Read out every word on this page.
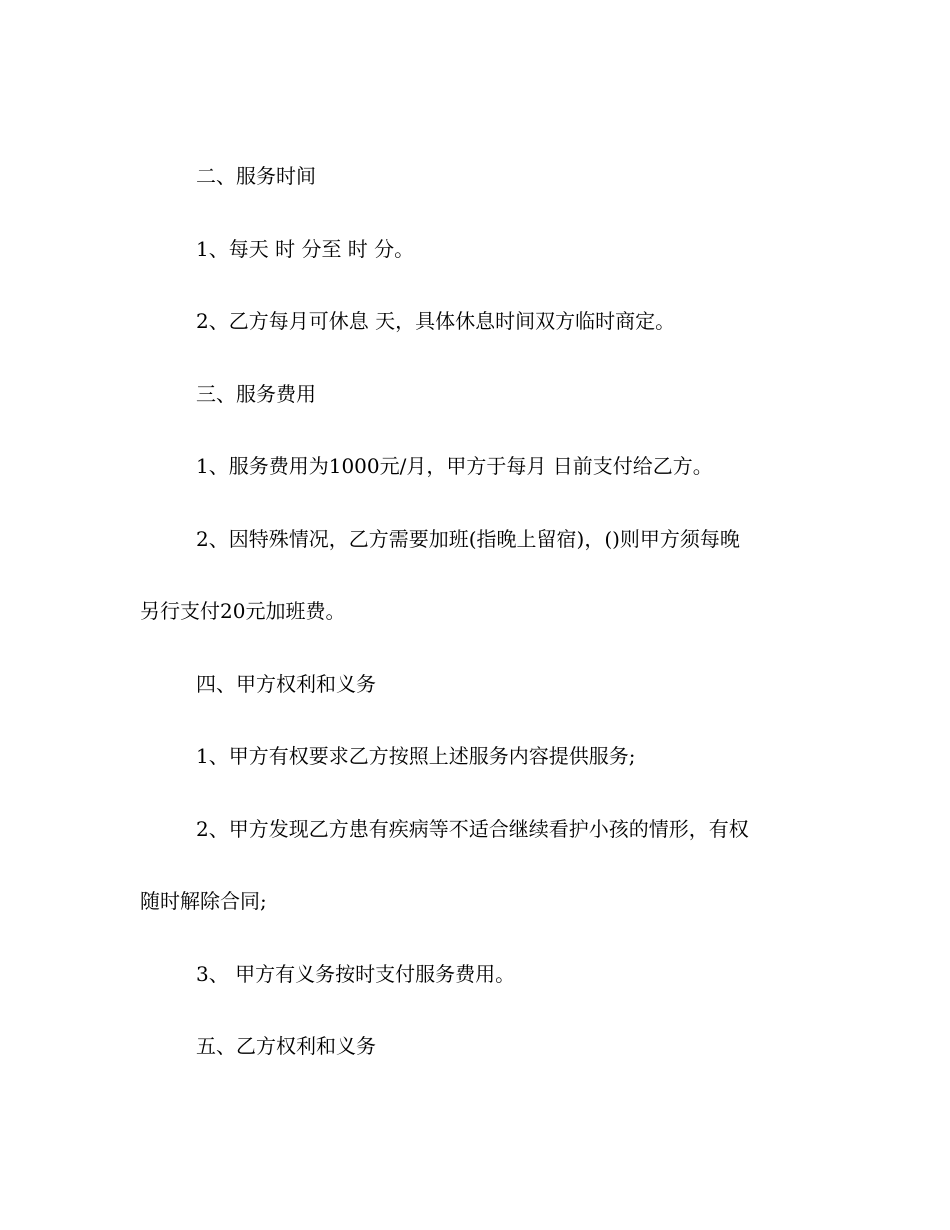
二、服务时间

1、每天 时 分至 时 分。

2、乙方每月可休息 天，具体休息时间双方临时商定。

三、服务费用

1、服务费用为1000元/月，甲方于每月 日前支付给乙方。

2、因特殊情况，乙方需要加班(指晚上留宿)，()则甲方须每晚

另行支付20元加班费。

四、甲方权利和义务

1、甲方有权要求乙方按照上述服务内容提供服务;

2、甲方发现乙方患有疾病等不适合继续看护小孩的情形，有权

随时解除合同;

3、 甲方有义务按时支付服务费用。

五、乙方权利和义务
